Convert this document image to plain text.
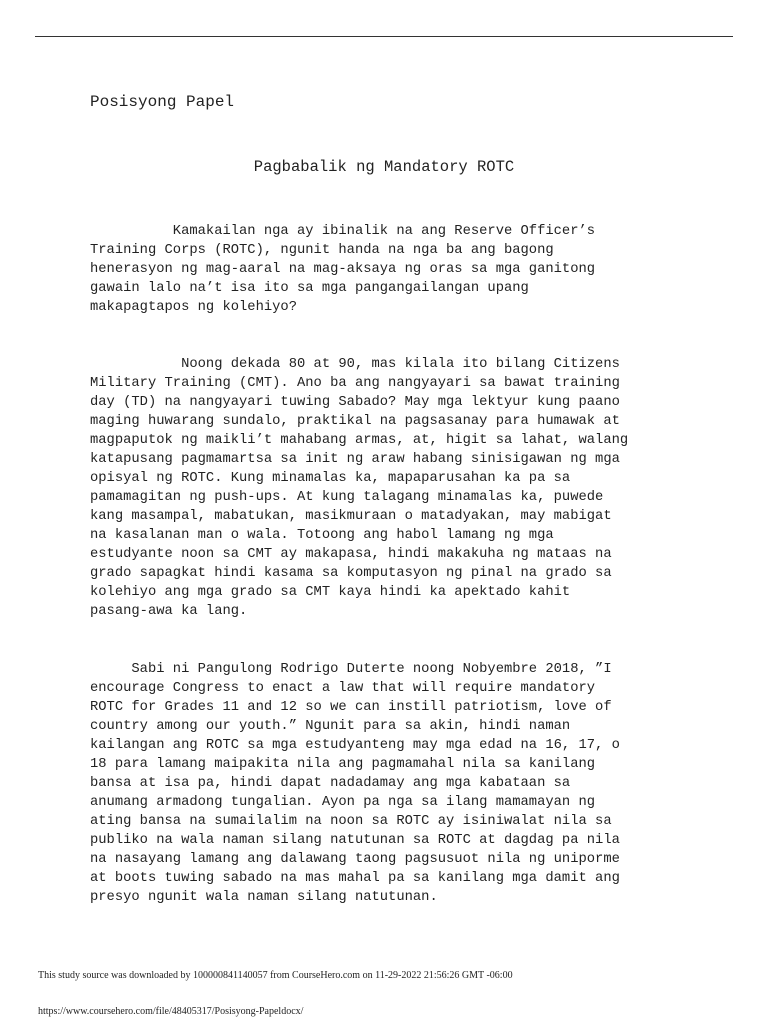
Posisyong Papel
Pagbabalik ng Mandatory ROTC

Kamakailan nga ay ibinalik na ang Reserve Officer’s
Training Corps (ROTC), ngunit handa na nga ba ang bagong
henerasyon ng mag-aaral na mag-aksaya ng oras sa mga ganitong
gawain lalo na’t isa ito sa mga pangangailangan upang
makapagtapos ng kolehiyo?

Noong dekada 80 at 90, mas kilala ito bilang Citizens
Military Training (CMT). Ano ba ang nangyayari sa bawat training
day (TD) na nangyayari tuwing Sabado? May mga lektyur kung paano
maging huwarang sundalo, praktikal na pagsasanay para humawak at
magpaputok ng maikli’t mahabang armas, at, higit sa lahat, walang
katapusang pagmamartsa sa init ng araw habang sinisigawan ng mga
opisyal ng ROTC. Kung minamalas ka, mapaparusahan ka pa sa
pamamagitan ng push-ups. At kung talagang minamalas ka, puwede
kang masampal, mabatukan, masikmuraan o matadyakan, may mabigat
na kasalanan man o wala. Totoong ang habol lamang ng mga
estudyante noon sa CMT ay makapasa, hindi makakuha ng mataas na
grado sapagkat hindi kasama sa komputasyon ng pinal na grado sa
kolehiyo ang mga grado sa CMT kaya hindi ka apektado kahit
pasang-awa ka lang.

Sabi ni Pangulong Rodrigo Duterte noong Nobyembre 2018, ”I
encourage Congress to enact a law that will require mandatory
ROTC for Grades 11 and 12 so we can instill patriotism, love of
country among our youth.” Ngunit para sa akin, hindi naman
kailangan ang ROTC sa mga estudyanteng may mga edad na 16, 17, o
18 para lamang maipakita nila ang pagmamahal nila sa kanilang
bansa at isa pa, hindi dapat nadadamay ang mga kabataan sa
anumang armadong tungalian. Ayon pa nga sa ilang mamamayan ng
ating bansa na sumailalim na noon sa ROTC ay isiniwalat nila sa
publiko na wala naman silang natutunan sa ROTC at dagdag pa nila
na nasayang lamang ang dalawang taong pagsusuot nila ng uniporme
at boots tuwing sabado na mas mahal pa sa kanilang mga damit ang
presyo ngunit wala naman silang natutunan.

This study source was downloaded by 100000841140057 from CourseHero.com on 11-29-2022 21:56:26 GMT -06:00
https://www.coursehero.com/file/48405317/Posisyong-Papeldocx/
